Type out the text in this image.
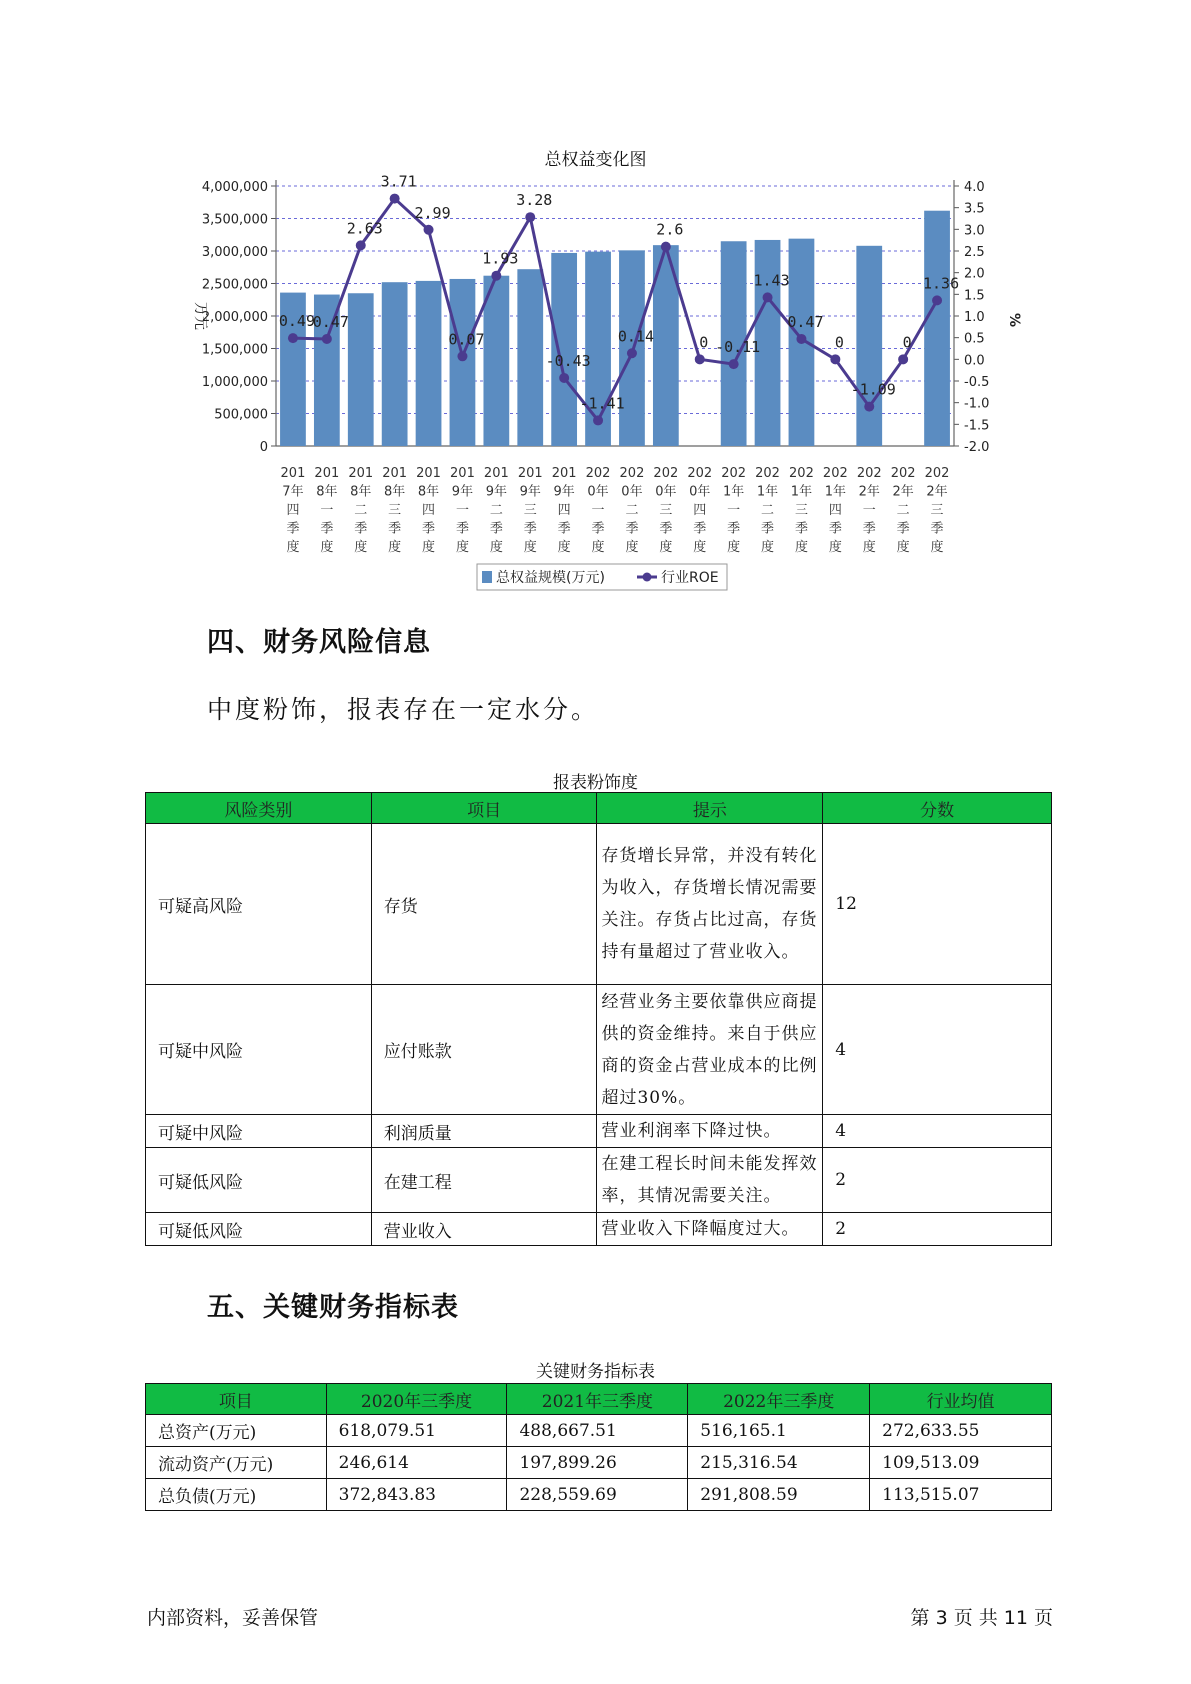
总权益变化图
0
500,000
1,000,000
1,500,000
2,000,000
2,500,000
3,000,000
3,500,000
4,000,000
-2.0
-1.5
-1.0
-0.5
0.0
0.5
1.0
1.5
2.0
2.5
3.0
3.5
4.0
万元	%
0.49
0.47
2.63
3.71
2.99
0.07
1.93
3.28
-0.43
-1.41
0.14
2.6
0 -0.11
1.43
0.47
0
-1.09
0
1.36
201
7年
四
季
度
201
8年
一
季
度
201
8年
二
季
度
201
8年
三
季
度
201
8年
四
季
度
201
9年
一
季
度
201
9年
二
季
度
201
9年
三
季
度
201
9年
四
季
度
202
0年
一
季
度
202
0年
二
季
度
202
0年
三
季
度
202
0年
四
季
度
202
1年
一
季
度
202
1年
二
季
度
202
1年
三
季
度
202
1年
四
季
度
202
2年
一
季
度
202
2年
二
季
度
202
2年
三
季
度
总权益规模(万元)	行业ROE
四、财务风险信息
中度粉饰，报表存在一定水分。
报表粉饰度
风险类别	项目	提示	分数
可疑高风险	存货	存货增长异常，并没有转化为收入，存货增长情况需要关注。存货占比过高，存货持有量超过了营业收入。	12
可疑中风险	应付账款	经营业务主要依靠供应商提供的资金维持。来自于供应商的资金占营业成本的比例超过30%。	4
可疑中风险	利润质量	营业利润率下降过快。	4
可疑低风险	在建工程	在建工程长时间未能发挥效率，其情况需要关注。	2
可疑低风险	营业收入	营业收入下降幅度过大。	2
五、关键财务指标表
关键财务指标表
项目	2020年三季度	2021年三季度	2022年三季度	行业均值
总资产(万元)	618,079.51	488,667.51	516,165.1	272,633.55
流动资产(万元)	246,614	197,899.26	215,316.54	109,513.09
总负债(万元)	372,843.83	228,559.69	291,808.59	113,515.07
内部资料，妥善保管	第 3 页 共 11 页
